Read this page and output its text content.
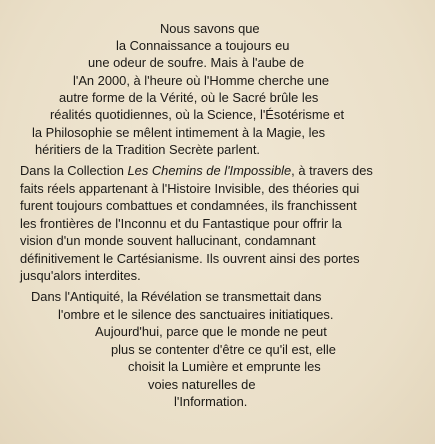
Nous savons que
la Connaissance a toujours eu
une odeur de soufre. Mais à l'aube de
l'An 2000, à l'heure où l'Homme cherche une
autre forme de la Vérité, où le Sacré brûle les
réalités quotidiennes, où la Science, l'Ésotérisme et
la Philosophie se mêlent intimement à la Magie, les
héritiers de la Tradition Secrète parlent.
Dans la Collection Les Chemins de l'Impossible, à travers des
faits réels appartenant à l'Histoire Invisible, des théories qui
furent toujours combattues et condamnées, ils franchissent
les frontières de l'Inconnu et du Fantastique pour offrir la
vision d'un monde souvent hallucinant, condamnant
définitivement le Cartésianisme. Ils ouvrent ainsi des portes
jusqu'alors interdites.
Dans l'Antiquité, la Révélation se transmettait dans
l'ombre et le silence des sanctuaires initiatiques.
Aujourd'hui, parce que le monde ne peut
plus se contenter d'être ce qu'il est, elle
choisit la Lumière et emprunte les
voies naturelles de
l'Information.
